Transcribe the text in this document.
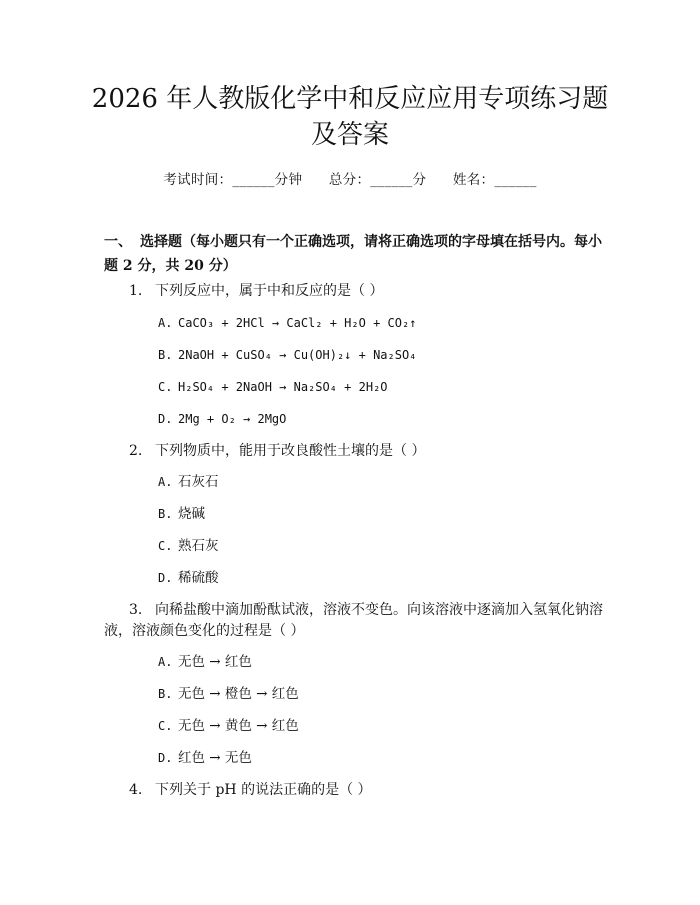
2026 年人教版化学中和反应应用专项练习题
及答案
考试时间：______分钟 总分：______分 姓名：______

一、 选择题（每小题只有一个正确选项，请将正确选项的字母填在括号内。每小题 2 分，共 20 分）

1. 下列反应中，属于中和反应的是（ ）

A. CaCO₃ + 2HCl → CaCl₂ + H₂O + CO₂↑

B. 2NaOH + CuSO₄ → Cu(OH)₂↓ + Na₂SO₄

C. H₂SO₄ + 2NaOH → Na₂SO₄ + 2H₂O

D. 2Mg + O₂ → 2MgO

2. 下列物质中，能用于改良酸性土壤的是（ ）

A. 石灰石

B. 烧碱

C. 熟石灰

D. 稀硫酸

3. 向稀盐酸中滴加酚酞试液，溶液不变色。向该溶液中逐滴加入氢氧化钠溶

液，溶液颜色变化的过程是（ ）

A. 无色 → 红色

B. 无色 → 橙色 → 红色

C. 无色 → 黄色 → 红色

D. 红色 → 无色

4. 下列关于 pH 的说法正确的是（ ）
